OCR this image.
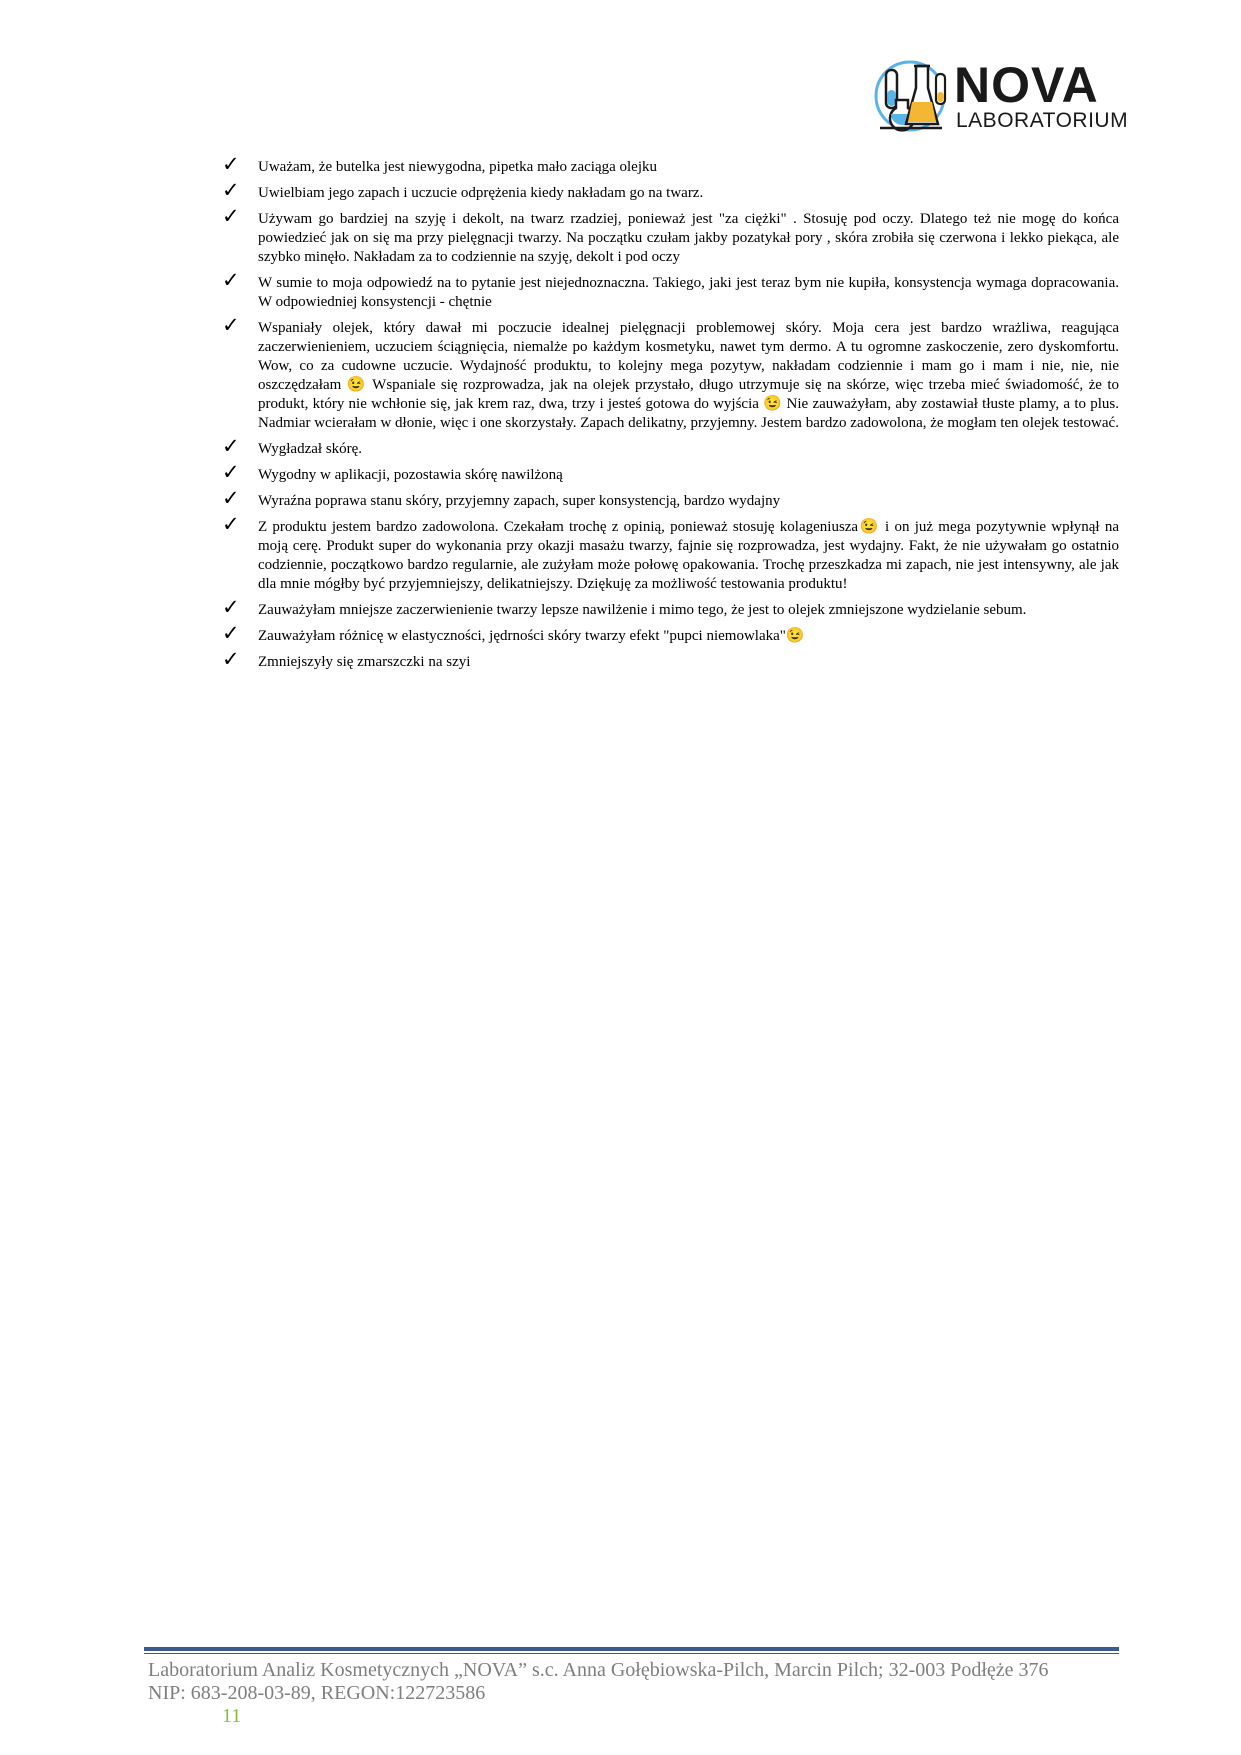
NOVA
LABORATORIUM
✓ Uważam, że butelka jest niewygodna, pipetka mało zaciąga olejku
✓ Uwielbiam jego zapach i uczucie odprężenia kiedy nakładam go na twarz.
✓ Używam go bardziej na szyję i dekolt, na twarz rzadziej, ponieważ jest "za ciężki" . Stosuję pod oczy. Dlatego też nie mogę do końca powiedzieć jak on się ma przy pielęgnacji twarzy. Na początku czułam jakby pozatykał pory , skóra zrobiła się czerwona i lekko piekąca, ale szybko minęło. Nakładam za to codziennie na szyję, dekolt i pod oczy
✓ W sumie to moja odpowiedź na to pytanie jest niejednoznaczna. Takiego, jaki jest teraz bym nie kupiła, konsystencja wymaga dopracowania. W odpowiedniej konsystencji - chętnie
✓ Wspaniały olejek, który dawał mi poczucie idealnej pielęgnacji problemowej skóry. Moja cera jest bardzo wrażliwa, reagująca zaczerwienieniem, uczuciem ściągnięcia, niemalże po każdym kosmetyku, nawet tym dermo. A tu ogromne zaskoczenie, zero dyskomfortu. Wow, co za cudowne uczucie. Wydajność produktu, to kolejny mega pozytyw, nakładam codziennie i mam go i mam i nie, nie, nie oszczędzałam 😉 Wspaniale się rozprowadza, jak na olejek przystało, długo utrzymuje się na skórze, więc trzeba mieć świadomość, że to produkt, który nie wchłonie się, jak krem raz, dwa, trzy i jesteś gotowa do wyjścia 😉 Nie zauważyłam, aby zostawiał tłuste plamy, a to plus. Nadmiar wcierałam w dłonie, więc i one skorzystały. Zapach delikatny, przyjemny. Jestem bardzo zadowolona, że mogłam ten olejek testować.
✓ Wygładzał skórę.
✓ Wygodny w aplikacji, pozostawia skórę nawilżoną
✓ Wyraźna poprawa stanu skóry, przyjemny zapach, super konsystencją, bardzo wydajny
✓ Z produktu jestem bardzo zadowolona. Czekałam trochę z opinią, ponieważ stosuję kolageniusza😉 i on już mega pozytywnie wpłynął na moją cerę. Produkt super do wykonania przy okazji masażu twarzy, fajnie się rozprowadza, jest wydajny. Fakt, że nie używałam go ostatnio codziennie, początkowo bardzo regularnie, ale zużyłam może połowę opakowania. Trochę przeszkadza mi zapach, nie jest intensywny, ale jak dla mnie mógłby być przyjemniejszy, delikatniejszy. Dziękuję za możliwość testowania produktu!
✓ Zauważyłam mniejsze zaczerwienienie twarzy lepsze nawilżenie i mimo tego, że jest to olejek zmniejszone wydzielanie sebum.
✓ Zauważyłam różnicę w elastyczności, jędrności skóry twarzy efekt "pupci niemowlaka"😉
✓ Zmniejszyły się zmarszczki na szyi
Laboratorium Analiz Kosmetycznych „NOVA” s.c. Anna Gołębiowska-Pilch, Marcin Pilch; 32-003 Podłęże 376
NIP: 683-208-03-89, REGON:122723586
11
